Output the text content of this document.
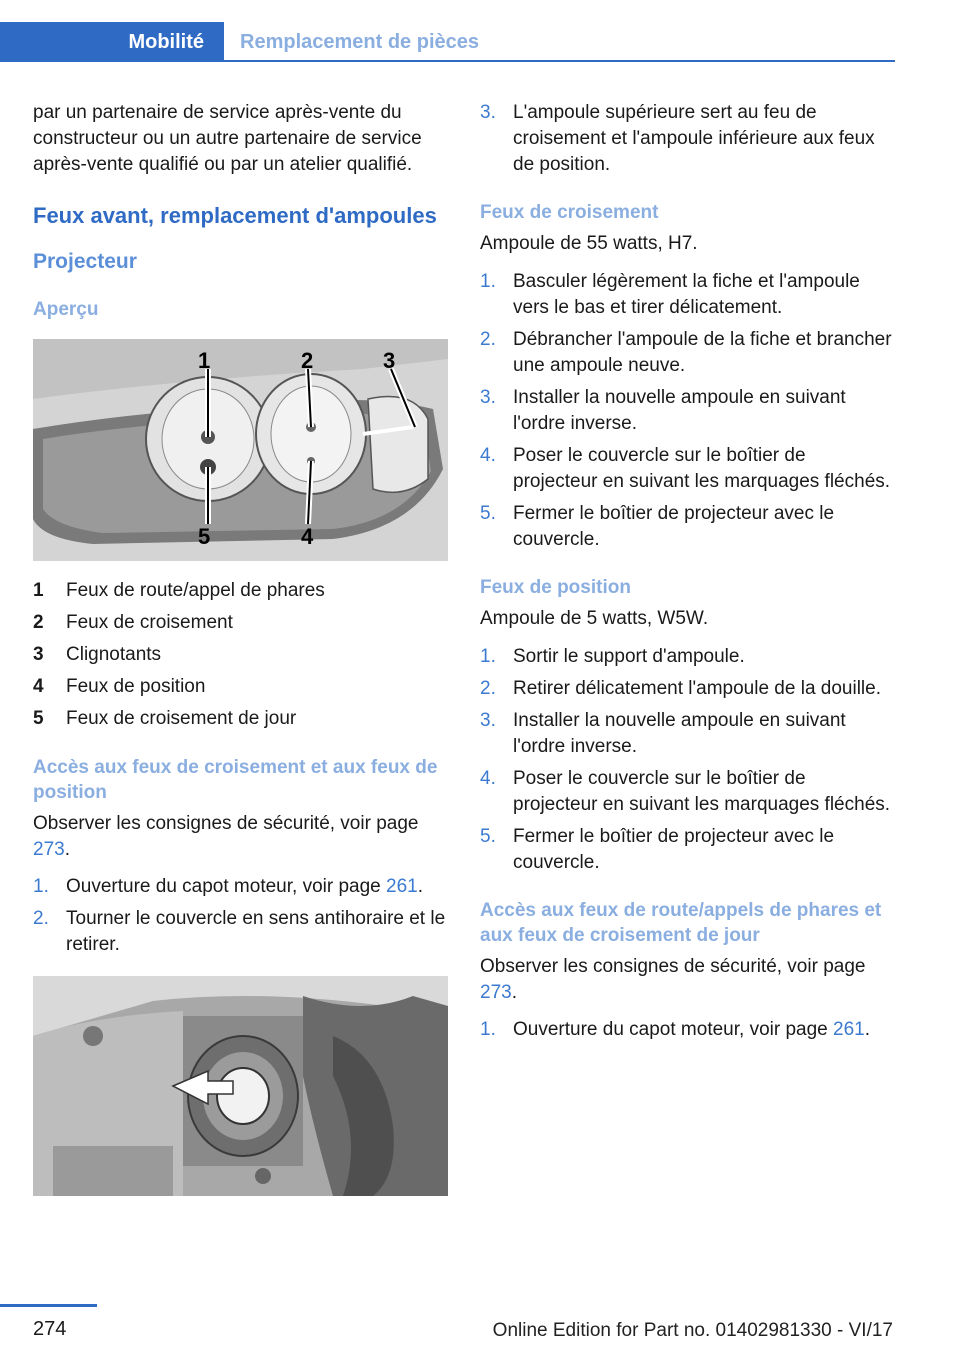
Mobilité	Remplacement de pièces

par un partenaire de service après-vente du constructeur ou un autre partenaire de service après-vente qualifié ou par un atelier qualifié.

Feux avant, remplacement d'ampoules
Projecteur
Aperçu
1	2	3
5	4
1 Feux de route/appel de phares
2 Feux de croisement
3 Clignotants
4 Feux de position
5 Feux de croisement de jour
Accès aux feux de croisement et aux feux de position

Observer les consignes de sécurité, voir page 273.

1. Ouverture du capot moteur, voir page 261.
2. Tourner le couvercle en sens antihoraire et le retirer.
3. L'ampoule supérieure sert au feu de croisement et l'ampoule inférieure aux feux de position.
Feux de croisement

Ampoule de 55 watts, H7.

1. Basculer légèrement la fiche et l'ampoule vers le bas et tirer délicatement.
2. Débrancher l'ampoule de la fiche et brancher une ampoule neuve.
3. Installer la nouvelle ampoule en suivant l'ordre inverse.
4. Poser le couvercle sur le boîtier de projecteur en suivant les marquages fléchés.
5. Fermer le boîtier de projecteur avec le couvercle.
Feux de position

Ampoule de 5 watts, W5W.

1. Sortir le support d'ampoule.
2. Retirer délicatement l'ampoule de la douille.
3. Installer la nouvelle ampoule en suivant l'ordre inverse.
4. Poser le couvercle sur le boîtier de projecteur en suivant les marquages fléchés.
5. Fermer le boîtier de projecteur avec le couvercle.
Accès aux feux de route/appels de phares et aux feux de croisement de jour

Observer les consignes de sécurité, voir page 273.

1. Ouverture du capot moteur, voir page 261.
274	Online Edition for Part no. 01402981330 - VI/17
